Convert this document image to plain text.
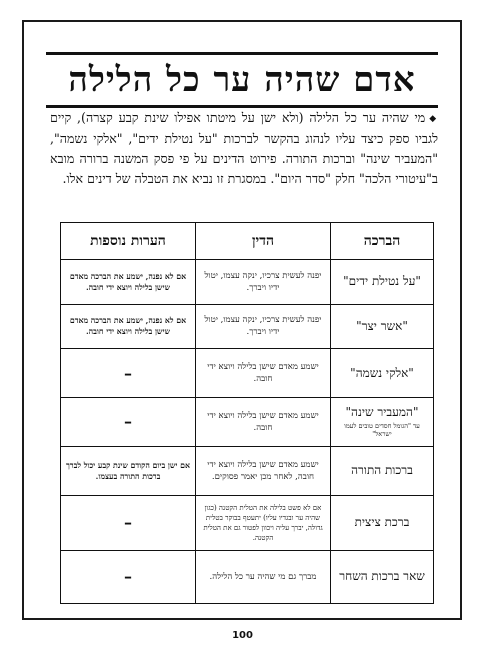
אדם שהיה ער כל הלילה

◆מי שהיה ער כל הלילה (ולא ישן על מיטתו אפילו שינת קבע קצרה), קיים לגביו ספק כיצד עליו לנהוג בהקשר לברכות "על נטילת ידים", "אלקי נשמה", "המעביר שינה" וברכות התורה. פירוט הדינים על פי פסק המשנה ברורה מובא ב"עיטורי הלכה" חלק "סדר היום". במסגרת זו נביא את הטבלה של דינים אלו.

הברכה	הדין	הערות נוספות
"על נטילת ידים"	יפנה לעשית צרכיו, ינקה עצמו, יטול ידיו ויברך.	אם לא נפנה, ישמע את הברכה מאדם שישן בלילה ויוצא ידי חובה.
"אשר יצר"	יפנה לעשית צרכיו, ינקה עצמו, יטול ידיו ויברך.	אם לא נפנה, ישמע את הברכה מאדם שישן בלילה ויוצא ידי חובה.
"אלקי נשמה"	ישמע מאדם שישן בלילה ויוצא ידי חובה.	–
"המעביר שינה"
עד "הגומל חסדים טובים לעמו ישראל"	ישמע מאדם שישן בלילה ויוצא ידי חובה.	–
ברכות התורה	ישמע מאדם שישן בלילה ויוצא ידי חובה, לאחר מכן יאמר פסוקים.	אם ישן ביום הקודם שינת קבע יכול לברך ברכות התורה בעצמו.
ברכת ציצית	אם לא פשט בלילה את הטלית הקטנה (כגון שהיה ער ובגדיו עליו) יתעטף בבוקר בטלית גדולה, יברך עליה ויכוון לפטור גם את הטלית הקטנה.	–
שאר ברכות השחר	מברך גם מי שהיה ער כל הלילה.	–
100
